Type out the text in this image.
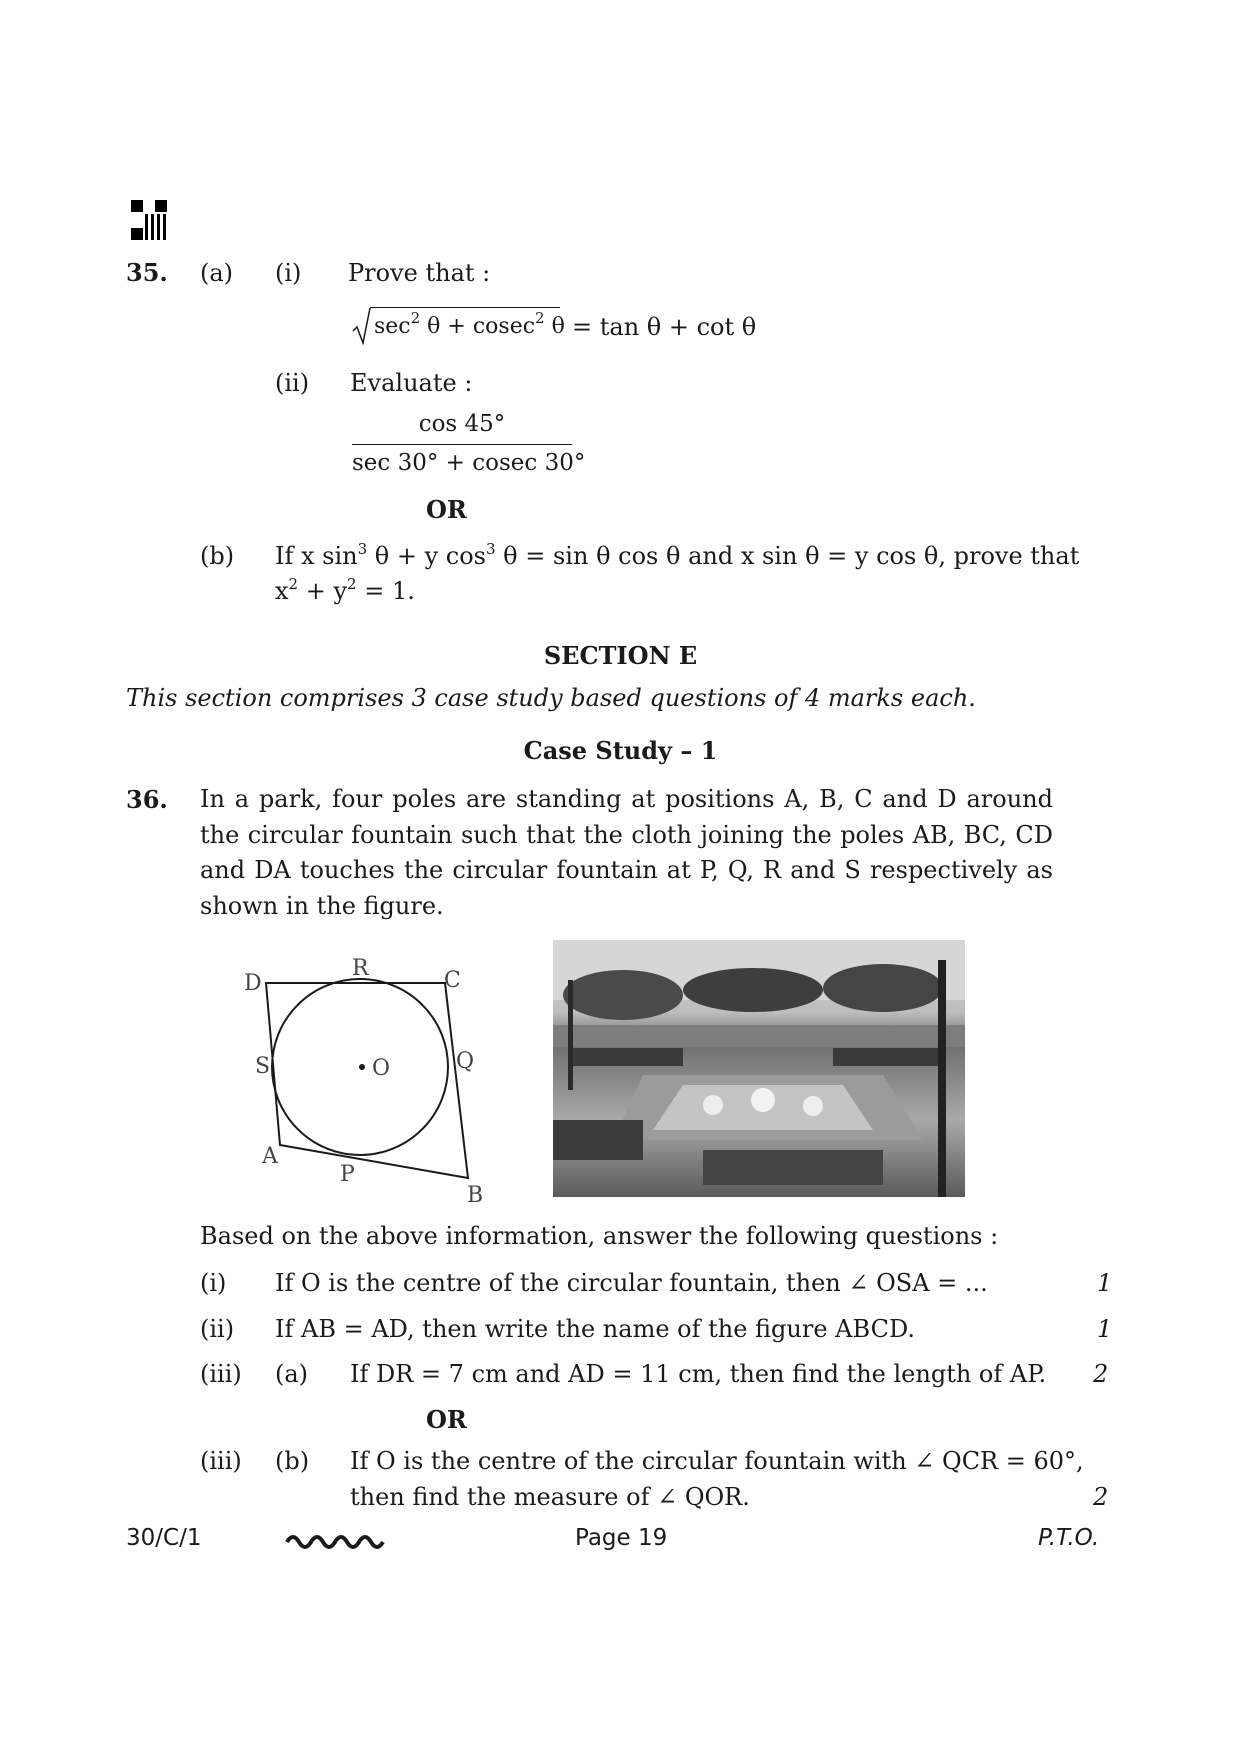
35. (a) (i) Prove that :
$\sec^2 \theta + cosec^2$ θ = tan θ + cot θ
(ii) Evaluate :
cos 45°
sec 30° + cosec 30°
OR
(b) If x $\sin^3 \theta + y$ $\cos^3 \theta = \sin \theta$ cos θ and x sin θ = y cos θ, prove that
$x^2 + y^2 = 1$.
SECTION E
This section comprises 3 case study based questions of 4 marks each.
Case Study – 1
36. In a park, four poles are standing at positions A, B, C and D around the circular fountain such that the cloth joining the poles AB, BC, CD and DA touches the circular fountain at P, Q, R and S respectively as shown in the figure.
D
R	C
S	O	Q
A
P
B
Based on the above information, answer the following questions :
(i) If O is the centre of the circular fountain, then ∠ OSA = ...	1
(ii) If AB = AD, then write the name of the figure ABCD.	1
(iii) (a) If DR = 7 cm and AD = 11 cm, then find the length of AP. 2
OR
(iii) (b) If O is the centre of the circular fountain with ∠ QCR = 60°,
then find the measure of ∠ QOR.	2
30/C/1	Page 19	P.T.O.
